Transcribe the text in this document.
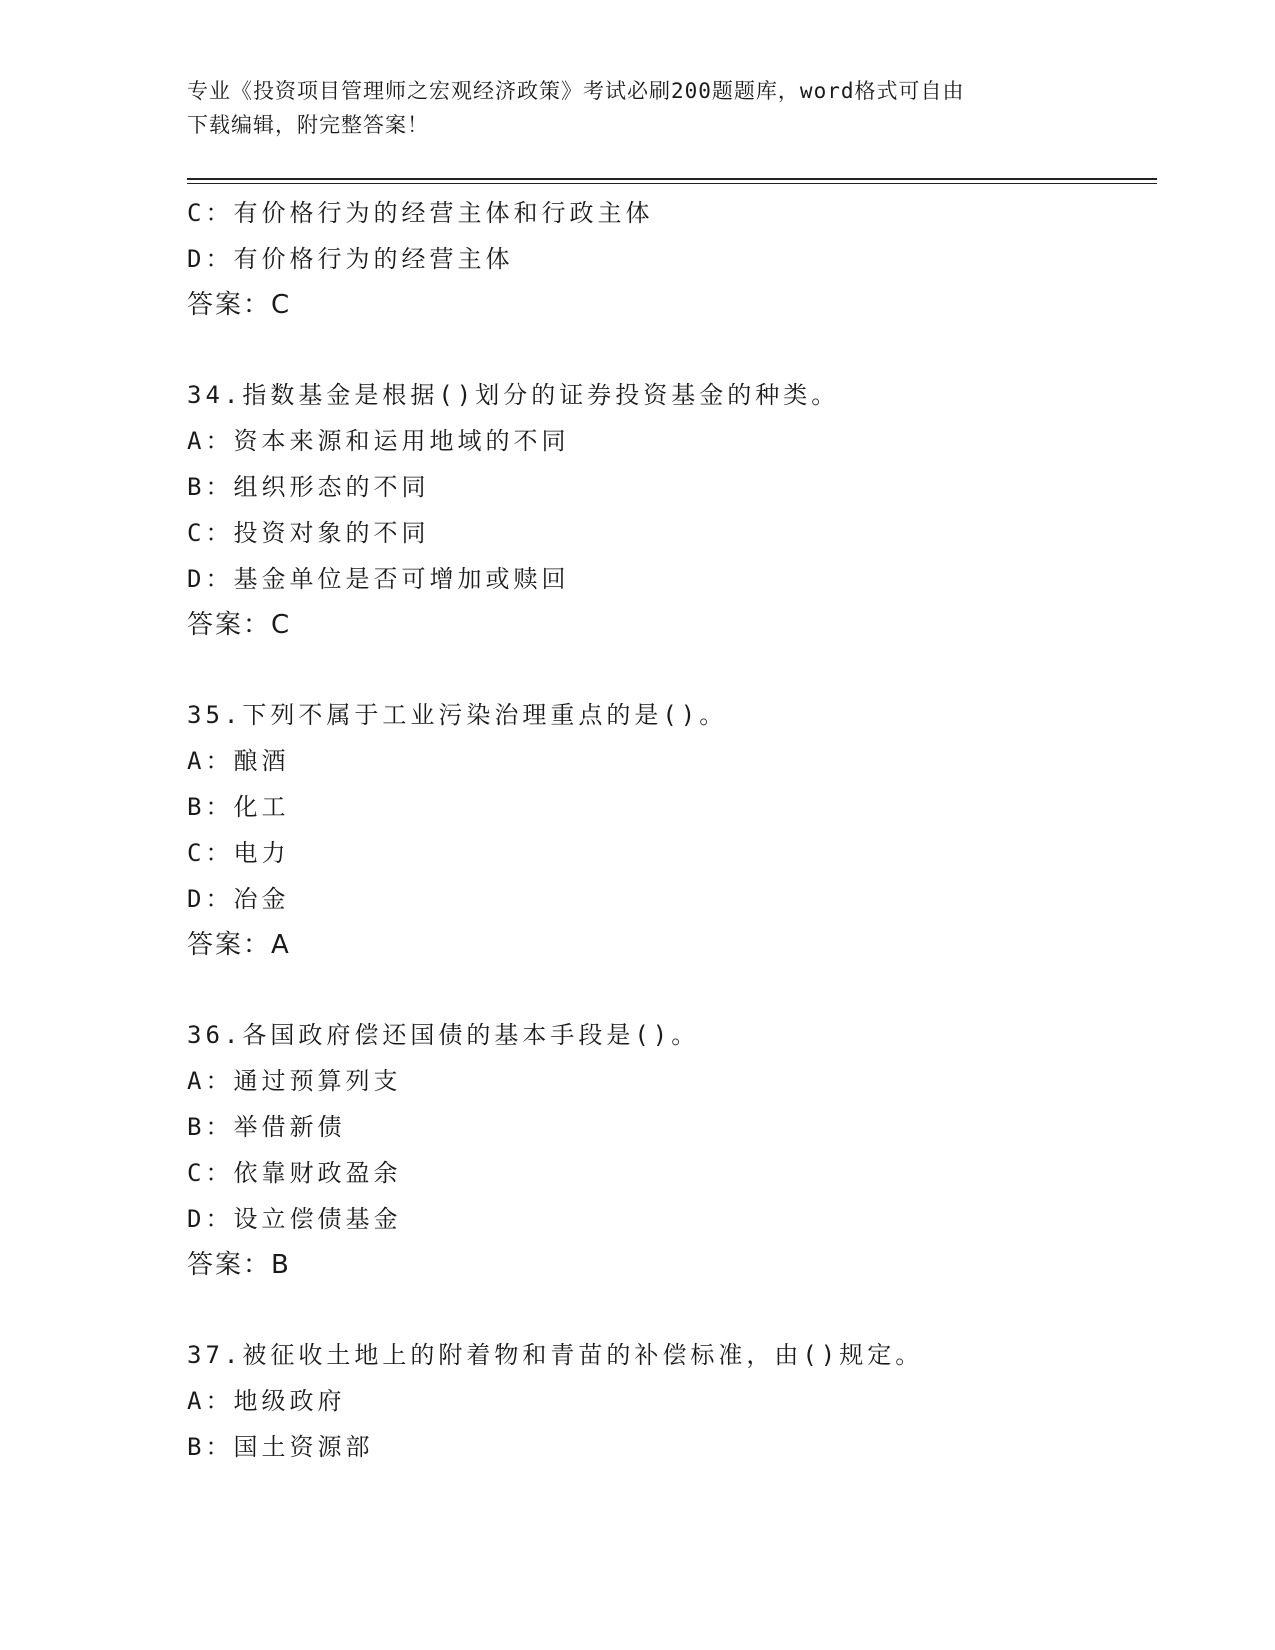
专业《投资项目管理师之宏观经济政策》考试必刷200题题库，word格式可自由
下载编辑，附完整答案！
C：有价格行为的经营主体和行政主体
D：有价格行为的经营主体
答案：C
34.指数基金是根据()划分的证券投资基金的种类。
A：资本来源和运用地域的不同
B：组织形态的不同
C：投资对象的不同
D：基金单位是否可增加或赎回
答案：C
35.下列不属于工业污染治理重点的是()。
A：酿酒
B：化工
C：电力
D：冶金
答案：A
36.各国政府偿还国债的基本手段是()。
A：通过预算列支
B：举借新债
C：依靠财政盈余
D：设立偿债基金
答案：B
37.被征收土地上的附着物和青苗的补偿标准，由()规定。
A：地级政府
B：国土资源部
